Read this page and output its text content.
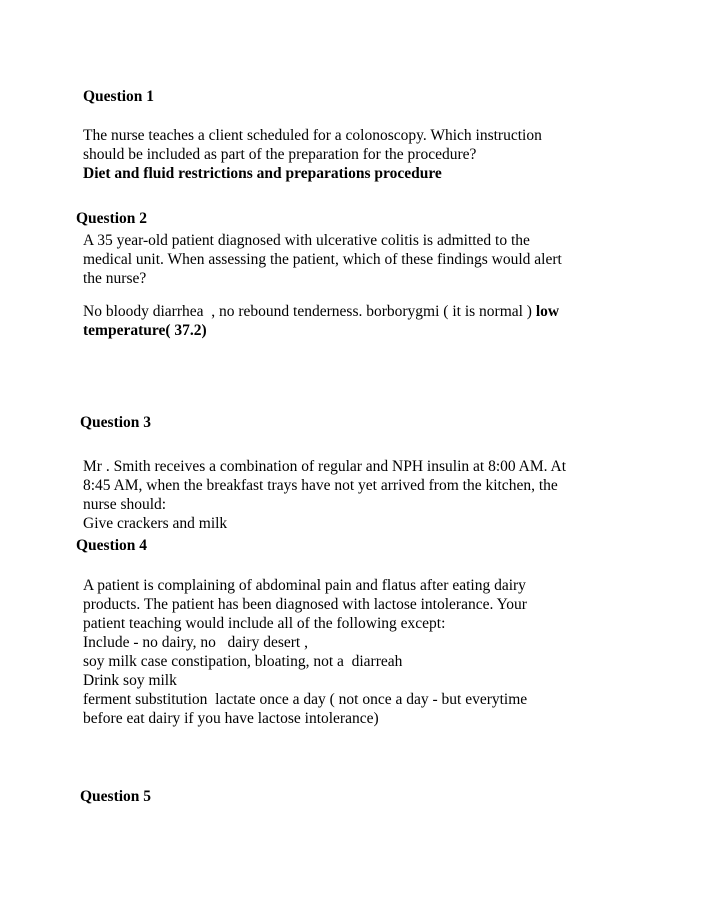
Question 1
The nurse teaches a client scheduled for a colonoscopy. Which instruction
should be included as part of the preparation for the procedure?
Diet and fluid restrictions and preparations procedure
Question 2
A 35 year-old patient diagnosed with ulcerative colitis is admitted to the
medical unit. When assessing the patient, which of these findings would alert
the nurse?
No bloody diarrhea  , no rebound tenderness. borborygmi ( it is normal ) low
temperature( 37.2)
Question 3
Mr . Smith receives a combination of regular and NPH insulin at 8:00 AM. At
8:45 AM, when the breakfast trays have not yet arrived from the kitchen, the
nurse should:
Give crackers and milk
Question 4
A patient is complaining of abdominal pain and flatus after eating dairy
products. The patient has been diagnosed with lactose intolerance. Your
patient teaching would include all of the following except:
Include - no dairy, no   dairy desert ,
soy milk case constipation, bloating, not a  diarreah
Drink soy milk
ferment substitution  lactate once a day ( not once a day - but everytime
before eat dairy if you have lactose intolerance)
Question 5
